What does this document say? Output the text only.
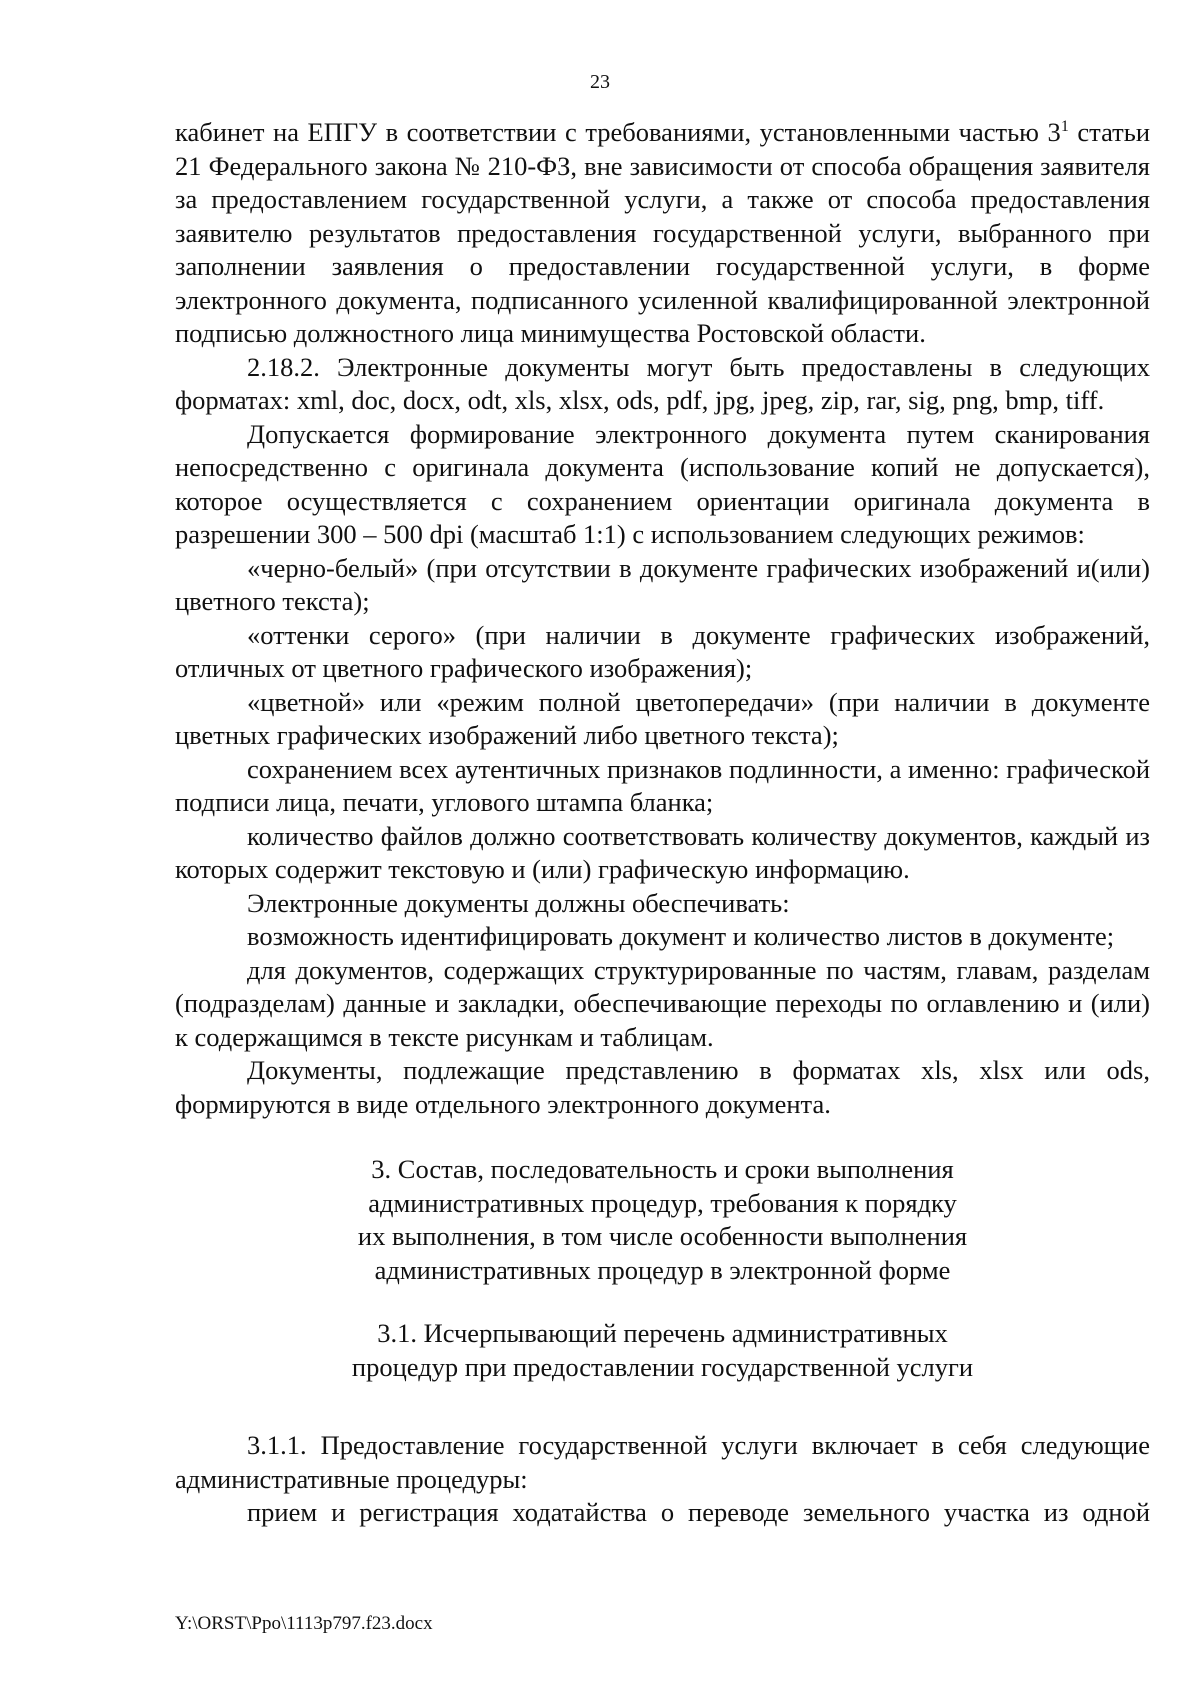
23

кабинет на ЕПГУ в соответствии с требованиями, установленными частью $3^1$ статьи 21 Федерального закона № 210-ФЗ, вне зависимости от способа обращения заявителя за предоставлением государственной услуги, а также от способа предоставления заявителю результатов предоставления государственной услуги, выбранного при заполнении заявления о предоставлении государственной услуги, в форме электронного документа, подписанного усиленной квалифицированной электронной подписью должностного лица минимущества Ростовской области.

2.18.2. Электронные документы могут быть предоставлены в следующих форматах: xml, doc, docx, odt, xls, xlsx, ods, pdf, jpg, jpeg, zip, rar, sig, png, bmp, tiff.

Допускается формирование электронного документа путем сканирования непосредственно с оригинала документа (использование копий не допускается), которое осуществляется с сохранением ориентации оригинала документа в разрешении 300 – 500 dpi (масштаб 1:1) с использованием следующих режимов:

«черно-белый» (при отсутствии в документе графических изображений и(или) цветного текста);

«оттенки серого» (при наличии в документе графических изображений, отличных от цветного графического изображения);

«цветной» или «режим полной цветопередачи» (при наличии в документе цветных графических изображений либо цветного текста);

сохранением всех аутентичных признаков подлинности, а именно: графической подписи лица, печати, углового штампа бланка;

количество файлов должно соответствовать количеству документов, каждый из которых содержит текстовую и (или) графическую информацию.

Электронные документы должны обеспечивать:

возможность идентифицировать документ и количество листов в документе;

для документов, содержащих структурированные по частям, главам, разделам (подразделам) данные и закладки, обеспечивающие переходы по оглавлению и (или) к содержащимся в тексте рисункам и таблицам.

Документы, подлежащие представлению в форматах xls, xlsx или ods, формируются в виде отдельного электронного документа.

3. Состав, последовательность и сроки выполнения
административных процедур, требования к порядку
их выполнения, в том числе особенности выполнения
административных процедур в электронной форме

3.1. Исчерпывающий перечень административных
процедур при предоставлении государственной услуги

3.1.1. Предоставление государственной услуги включает в себя следующие административные процедуры:

прием и регистрация ходатайства о переводе земельного участка из одной

Y:\ORST\Ppo\1113p797.f23.docx
